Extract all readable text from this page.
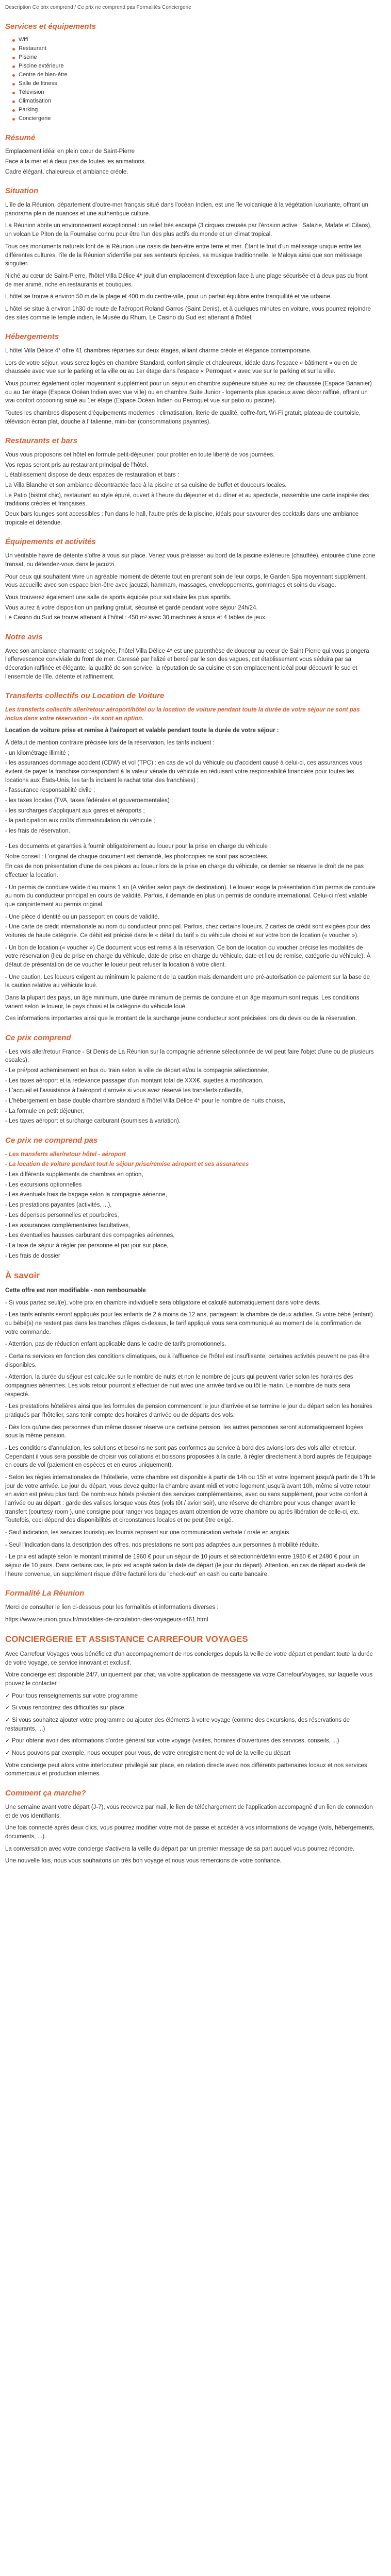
Description Ce prix comprend / Ce prix ne comprend pas Formalités Conciergerie

Services et équipements
Wifi
Restaurant
Piscine
Piscine extérieure
Centre de bien-être
Salle de fitness
Télévision
Climatisation
Parking
Conciergerie
Résumé

Emplacement idéal en plein cœur de Saint-Pierre

Face à la mer et à deux pas de toutes les animations.

Cadre élégant, chaleureux et ambiance créole.

Situation

L'île de la Réunion, département d'outre-mer français situé dans l'océan Indien, est une île volcanique à la végétation luxuriante, offrant un panorama plein de nuances et une authentique culture.

La Réunion abrite un environnement exceptionnel : un relief très escarpé (3 cirques creusés par l'érosion active : Salazie, Mafate et Cilaos), un volcan Le Piton de la Fournaise connu pour être l'un des plus actifs du monde et un climat tropical.

Tous ces monuments naturels font de la Réunion une oasis de bien-être entre terre et mer. Étant le fruit d'un métissage unique entre les différentes cultures, l'île de la Réunion s'identifie par ses senteurs épicées, sa musique traditionnelle, le Maloya ainsi que son métissage singulier.

Niché au cœur de Saint-Pierre, l'hôtel Villa Délice 4* jouit d'un emplacement d'exception face à une plage sécurisée et à deux pas du front de mer animé, riche en restaurants et boutiques.

L'hôtel se trouve à environ 50 m de la plage et 400 m du centre-ville, pour un parfait équilibre entre tranquillité et vie urbaine.

L'hôtel se situe à environ 1h30 de route de l'aéroport Roland Garros (Saint Denis), et à quelques minutes en voiture, vous pourrez rejoindre des sites comme le temple indien, le Musée du Rhum, Le Casino du Sud est attenant à l'hôtel.

Hébergements

L'hôtel Villa Délice 4* offre 41 chambres réparties sur deux étages, alliant charme créole et élégance contemporaine.

Lors de votre séjour, vous serez logés en chambre Standard, confort simple et chaleureux, idéale dans l'espace « bâtiment » ou en de chaussée avec vue sur le parking et la ville ou au 1er étage dans l'espace « Perroquet » avec vue sur le parking et sur la ville.

Vous pourrez également opter moyennant supplément pour un séjour en chambre supérieure située au rez de chaussée (Espace Bananier) ou au 1er étage (Espace Océan Indien avec vue ville) ou en chambre Suite Junior - logements plus spacieux avec décor raffiné, offrant un vrai confort cocooning situé au 1er étage (Espace Océan Indien ou Perroquet vue sur patio ou piscine).

Toutes les chambres disposent d'équipements modernes : climatisation, literie de qualité, coffre-fort, Wi-Fi gratuit, plateau de courtoisie, télévision écran plat, douche à l'italienne, mini-bar (consommations payantes).

Restaurants et bars

Vous vous proposons cet hôtel en formule petit-déjeuner, pour profiter en toute liberté de vos journées.

Vos repas seront pris au restaurant principal de l'hôtel.

L'établissement dispose de deux espaces de restauration et bars :

La Villa Blanche et son ambiance décontractée face à la piscine et sa cuisine de buffet et douceurs locales.

Le Patio (bistrot chic), restaurant au style épuré, ouvert à l'heure du déjeuner et du dîner et au spectacle, rassemble une carte inspirée des traditions créoles et françaises.

Deux bars lounges sont accessibles : l'un dans le hall, l'autre près de la piscine, idéals pour savourer des cocktails dans une ambiance tropicale et détendue.

Équipements et activités

Un véritable havre de détente s'offre à vous sur place. Venez vous prélasser au bord de la piscine extérieure (chauffée), entourée d'une zone transat, ou détendez-vous dans le jacuzzi.

Pour ceux qui souhaitent vivre un agréable moment de détente tout en prenant soin de leur corps, le Garden Spa moyennant supplément, vous accueille avec son espace bien-être avec jacuzzi, hammam, massages, enveloppements, gommages et soins du visage.

Vous trouverez également une salle de sports équipée pour satisfaire les plus sportifs.

Vous aurez à votre disposition un parking gratuit, sécurisé et gardé pendant votre séjour 24h/24.

Le Casino du Sud se trouve attenant à l'hôtel : 450 m² avec 30 machines à sous et 4 tables de jeux.

Notre avis

Avec son ambiance charmante et soignée, l'hôtel Villa Délice 4* est une parenthèse de douceur au cœur de Saint Pierre qui vous plongera l'effervescence conviviale du front de mer. Caressé par l'alizé et bercé par le son des vagues, cet établissement vous séduira par sa décoration raffinée et élégante, la qualité de son service, la réputation de sa cuisine et son emplacement idéal pour découvrir le sud et l'ensemble de l'île, détente et raffinement.

Transferts collectifs ou Location de Voiture

Les transferts collectifs aller/retour aéroport/hôtel ou la location de voiture pendant toute la durée de votre séjour ne sont pas inclus dans votre réservation - ils sont en option.

Location de voiture prise et remise à l'aéroport et valable pendant toute la durée de votre séjour :

À défaut de mention contraire précisée lors de la réservation, les tarifs incluent :

- un kilométrage illimité ;

- les assurances dommage accident (CDW) et vol (TPC) : en cas de vol du véhicule ou d'accident causé à celui-ci, ces assurances vous évitent de payer la franchise correspondant à la valeur vénale du véhicule en réduisant votre responsabilité financière pour toutes les locations aux États-Unis, les tarifs incluent le rachat total des franchises) ;

- l'assurance responsabilité civile ;

- les taxes locales (TVA, taxes fédérales et gouvernementales) ;

- les surcharges s'appliquant aux gares et aéroports ;

- la participation aux coûts d'immatriculation du véhicule ;

- les frais de réservation.

- Les documents et garanties à fournir obligatoirement au loueur pour la prise en charge du véhicule :

Notre conseil : L'original de chaque document est demandé, les photocopies ne sont pas acceptées.

En cas de non présentation d'une de ces pièces au loueur lors de la prise en charge du véhicule, ce dernier se réserve le droit de ne pas effectuer la location.

- Un permis de conduire valide d'au moins 1 an (A vérifier selon pays de destination). Le loueur exige la présentation d'un permis de conduire au nom du conducteur principal en cours de validité. Parfois, il demande en plus un permis de conduire international. Celui-ci n'est valable que conjointement au permis original.

- Une pièce d'identité ou un passeport en cours de validité.

- Une carte de crédit internationale au nom du conducteur principal. Parfois, chez certains loueurs, 2 cartes de crédit sont exigées pour des voitures de haute catégorie. Ce débit est précisé dans le « détail du tarif » du véhicule choisi et sur votre bon de location (« voucher »).

- Un bon de location (« voucher ») Ce document vous est remis à la réservation. Ce bon de location ou voucher précise les modalités de votre réservation (lieu de prise en charge du véhicule, date de prise en charge du véhicule, date et lieu de remise, catégorie du véhicule). À défaut de présentation de ce voucher le loueur peut refuser la location à votre client.

- Une caution. Les loueurs exigent au minimum le paiement de la caution mais demandent une pré-autorisation de paiement sur la base de la caution relative au véhicule loué.

Dans la plupart des pays, un âge minimum, une durée minimum de permis de conduire et un âge maximum sont requis. Les conditions varient selon le loueur, le pays choisi et la catégorie du véhicule loué.

Ces informations importantes ainsi que le montant de la surcharge jeune conducteur sont précisées lors du devis ou de la réservation.

Ce prix comprend

- Les vols aller/retour France - St Denis de La Réunion sur la compagnie aérienne sélectionnée de vol peut faire l'objet d'une ou de plusieurs escales),

- Le pré/post acheminement en bus ou train selon la ville de départ et/ou la compagnie sélectionnée,

- Les taxes aéroport et la redevance passager d'un montant total de XXX€, sujettes à modification,

- L'accueil et l'assistance à l'aéroport d'arrivée si vous avez réservé les transferts collectifs,

- L'hébergement en base double chambre standard à l'hôtel Villa Délice 4* pour le nombre de nuits choisis,

- La formule en petit déjeuner,

- Les taxes aéroport et surcharge carburant (soumises à variation).

Ce prix ne comprend pas

- Les transferts aller/retour hôtel - aéroport

- La location de voiture pendant tout le séjour prise/remise aéroport et ses assurances

- Les différents suppléments de chambres en option,

- Les excursions optionnelles

- Les éventuels frais de bagage selon la compagnie aérienne,

- Les prestations payantes (activités, ...),

- Les dépenses personnelles et pourboires,

- Les assurances complémentaires facultatives,

- Les éventuelles hausses carburant des compagnies aériennes,

- La taxe de séjour à régler par personne et par jour sur place,

- Les frais de dossier

À savoir

Cette offre est non modifiable - non remboursable

- Si vous partez seul(e), votre prix en chambre individuelle sera obligatoire et calculé automatiquement dans votre devis.

- Les tarifs enfants seront appliqués pour les enfants de 2 à moins de 12 ans, partageant la chambre de deux adultes. Si votre bébé (enfant) ou bébé(s) ne restent pas dans les tranches d'âges ci-dessus, le tarif appliqué vous sera communiqué au moment de la confirmation de votre commande.

- Attention, pas de réduction enfant applicable dans le cadre de tarifs promotionnels.

- Certains services en fonction des conditions climatiques, ou à l'affluence de l'hôtel est insuffisante, certaines activités peuvent ne pas être disponibles.

- Attention, la durée du séjour est calculée sur le nombre de nuits et non le nombre de jours qui peuvent varier selon les horaires des compagnies aériennes. Les vols retour pourront s'effectuer de nuit avec une arrivée tardive ou tôt le matin. Le nombre de nuits sera respecté.

- Les prestations hôtelières ainsi que les formules de pension commencent le jour d'arrivée et se termine le jour du départ selon les horaires pratiqués par l'hôtelier, sans tenir compte des horaires d'arrivée ou de départs des vols.

- Dès lors qu'une des personnes d'un même dossier réserve une certaine pension, les autres personnes seront automatiquement logées sous la même pension.

- Les conditions d'annulation, les solutions et besoins ne sont pas conformes au service à bord des avions lors des vols aller et retour. Cependant il vous sera possible de choisir vos collations et boissons proposées à la carte, à régler directement à bord auprès de l'équipage en cours de vol (paiement en espèces et en euros uniquement).

- Selon les règles internationales de l'hôtellerie, votre chambre est disponible à partir de 14h ou 15h et votre logement jusqu'à partir de 17h le jour de votre arrivée. Le jour du départ, vous devez quitter la chambre avant midi et votre logement jusqu'à avant 10h, même si votre retour en avion est prévu plus tard. De nombreux hôtels prévoient des services complémentaires, avec ou sans supplément, pour votre confort à l'arrivée ou au départ : garde des valises lorsque vous êtes (vols tôt / avion soir), une réserve de chambre pour vous changer avant le transfert (courtesy room ), une consigne pour ranger vos bagages avant obtention de votre chambre ou après libération de celle-ci, etc. Toutefois, ceci dépend des disponibilités et circonstances locales et ne peut être exigé.

- Sauf indication, les services touristiques fournis reposent sur une communication verbale / orale en anglais.

- Seul l'indication dans la description des offres, nos prestations ne sont pas adaptées aux personnes à mobilité réduite.

- Le prix est adapté selon le montant minimal de 1960 € pour un séjour de 10 jours et sélectionné/défini entre 1960 € et 2490 € pour un séjour de 10 jours. Dans certains cas, le prix est adapté selon la date de départ (le jour du départ). Attention, en cas de départ au-delà de l'heure convenue, un supplément risque d'être facturé lors du "check-out" en cash ou carte bancaire.

Formalité La Réunion

Merci de consulter le lien ci-dessous pour les formalités et informations diverses :

https://www.reunion.gouv.fr/modalites-de-circulation-des-voyageurs-r461.html

CONCIERGERIE ET ASSISTANCE CARREFOUR VOYAGES

Avec Carrefour Voyages vous bénéficiez d'un accompagnement de nos concierges depuis la veille de votre départ et pendant toute la durée de votre voyage, ce service innovant et exclusif.

Votre concierge est disponible 24/7, uniquement par chat, via votre application de messagerie via votre CarrefourVoyages, sur laquelle vous pouvez le contacter :

✓ Pour tous renseignements sur votre programme

✓ Si vous rencontrez des difficultés sur place

✓ Si vous souhaitez ajouter votre programme ou ajouter des éléments à votre voyage (comme des excursions, des réservations de restaurants, ...)

✓ Pour obtenir avoir des informations d'ordre général sur votre voyage (visites, horaires d'ouvertures des services, conseils, ...)

✓ Nous pouvons par exemple, nous occuper pour vous, de votre enregistrement de vol de la veille du départ

Votre concierge peut alors votre interlocuteur privilégié sur place, en relation directe avec nos différents partenaires locaux et nos services commerciaux et production internes.

Comment ça marche?

Une semaine avant votre départ (J-7), vous recevrez par mail, le lien de téléchargement de l'application accompagné d'un lien de connexion et de vos identifiants.

Une fois connecté après deux clics, vous pourrez modifier votre mot de passe et accéder à vos informations de voyage (vols, hébergements, documents, ...).

La conversation avec votre concierge s'activera la veille du départ par un premier message de sa part auquel vous pourrez répondre.

Une nouvelle fois, nous vous souhaitons un très bon voyage et nous vous remercions de votre confiance.
